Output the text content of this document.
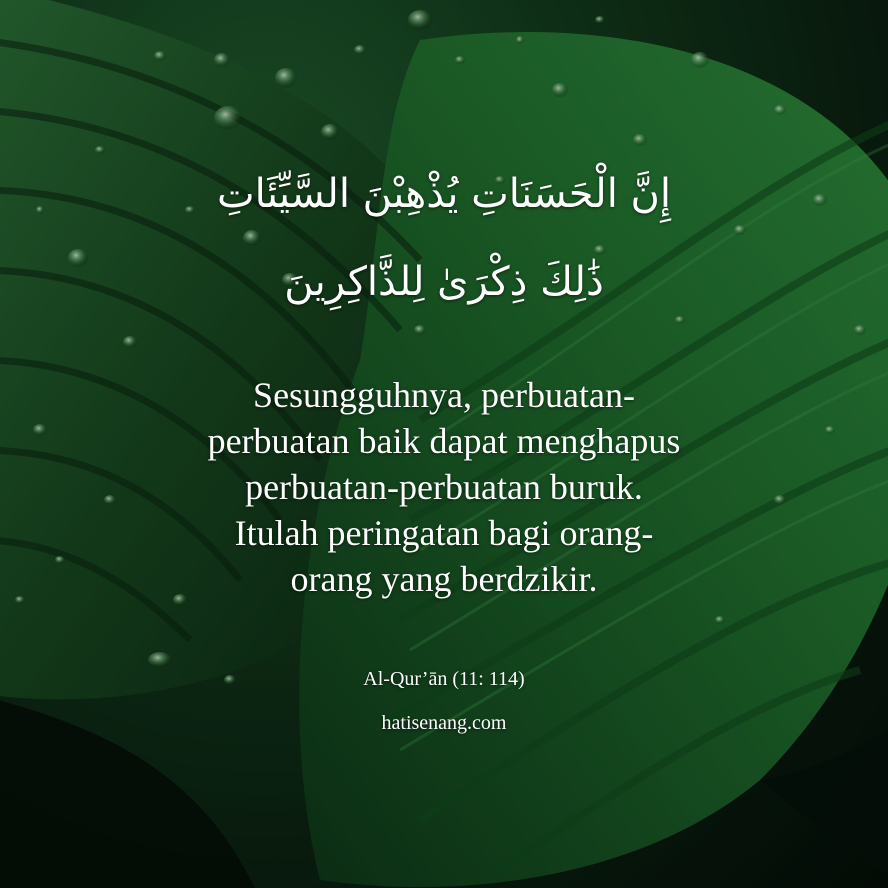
إِنَّ الْحَسَنَاتِ يُذْهِبْنَ السَّيِّئَاتِ
ذَٰلِكَ ذِكْرَىٰ لِلذَّاكِرِينَ
Sesungguhnya, perbuatan-
perbuatan baik dapat menghapus
perbuatan-perbuatan buruk.
Itulah peringatan bagi orang-
orang yang berdzikir.
Al-Qur’ān (11: 114)
hatisenang.com
